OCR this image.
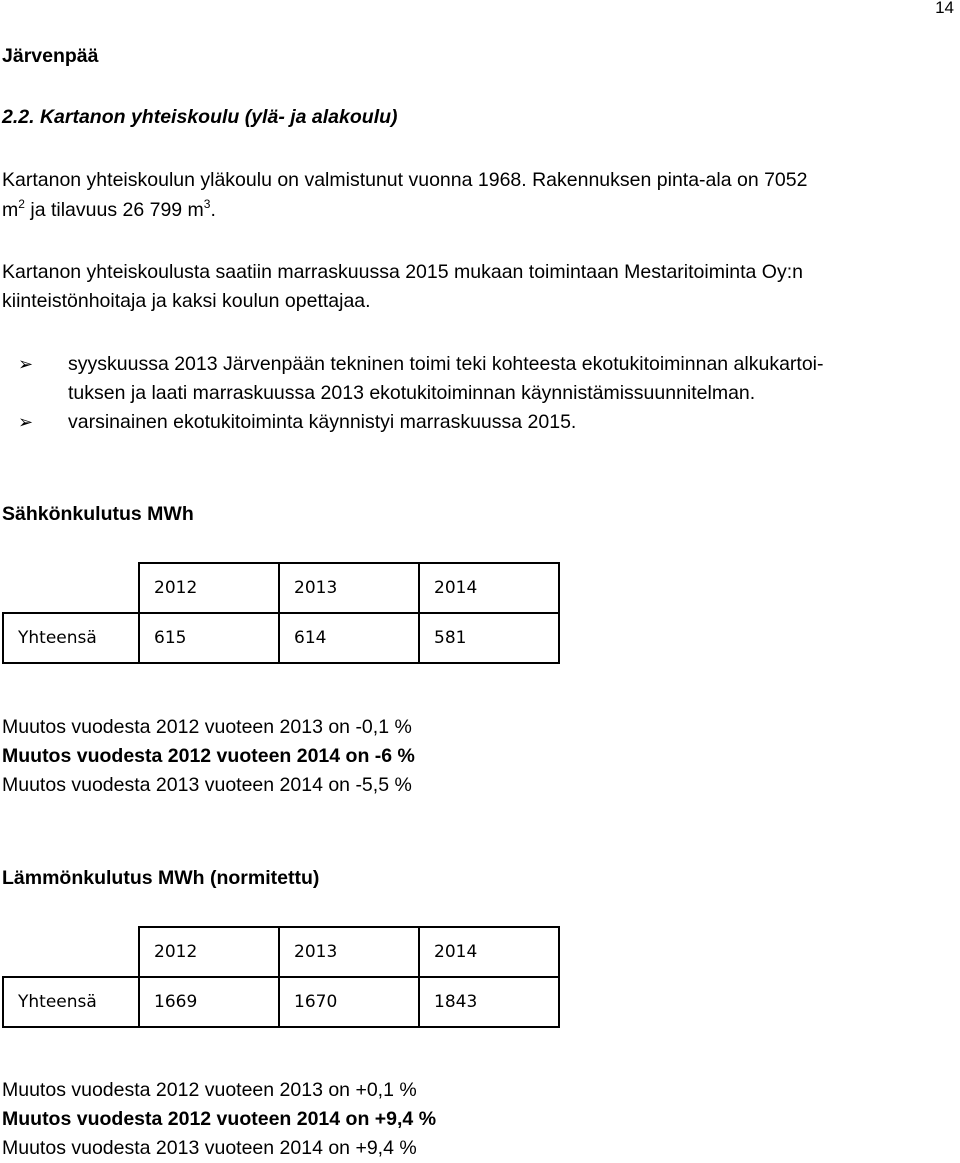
14
Järvenpää
2.2. Kartanon yhteiskoulu (ylä- ja alakoulu)
Kartanon yhteiskoulun yläkoulu on valmistunut vuonna 1968. Rakennuksen pinta-ala on 7052
$m^2$ ja tilavuus 26 799 $m^3$.
Kartanon yhteiskoulusta saatiin marraskuussa 2015 mukaan toimintaan Mestaritoiminta Oy:n
kiinteistönhoitaja ja kaksi koulun opettajaa.
➢ syyskuussa 2013 Järvenpään tekninen toimi teki kohteesta ekotukitoiminnan alkukartoi-
tuksen ja laati marraskuussa 2013 ekotukitoiminnan käynnistämissuunnitelman.
➢ varsinainen ekotukitoiminta käynnistyi marraskuussa 2015.
Sähkönkulutus MWh
	2012	2013	2014
Yhteensä	615	614	581
Muutos vuodesta 2012 vuoteen 2013 on -0,1 %
Muutos vuodesta 2012 vuoteen 2014 on -6 %
Muutos vuodesta 2013 vuoteen 2014 on -5,5 %
Lämmönkulutus MWh (normitettu)
	2012	2013	2014
Yhteensä	1669	1670	1843
Muutos vuodesta 2012 vuoteen 2013 on +0,1 %
Muutos vuodesta 2012 vuoteen 2014 on +9,4 %
Muutos vuodesta 2013 vuoteen 2014 on +9,4 %
